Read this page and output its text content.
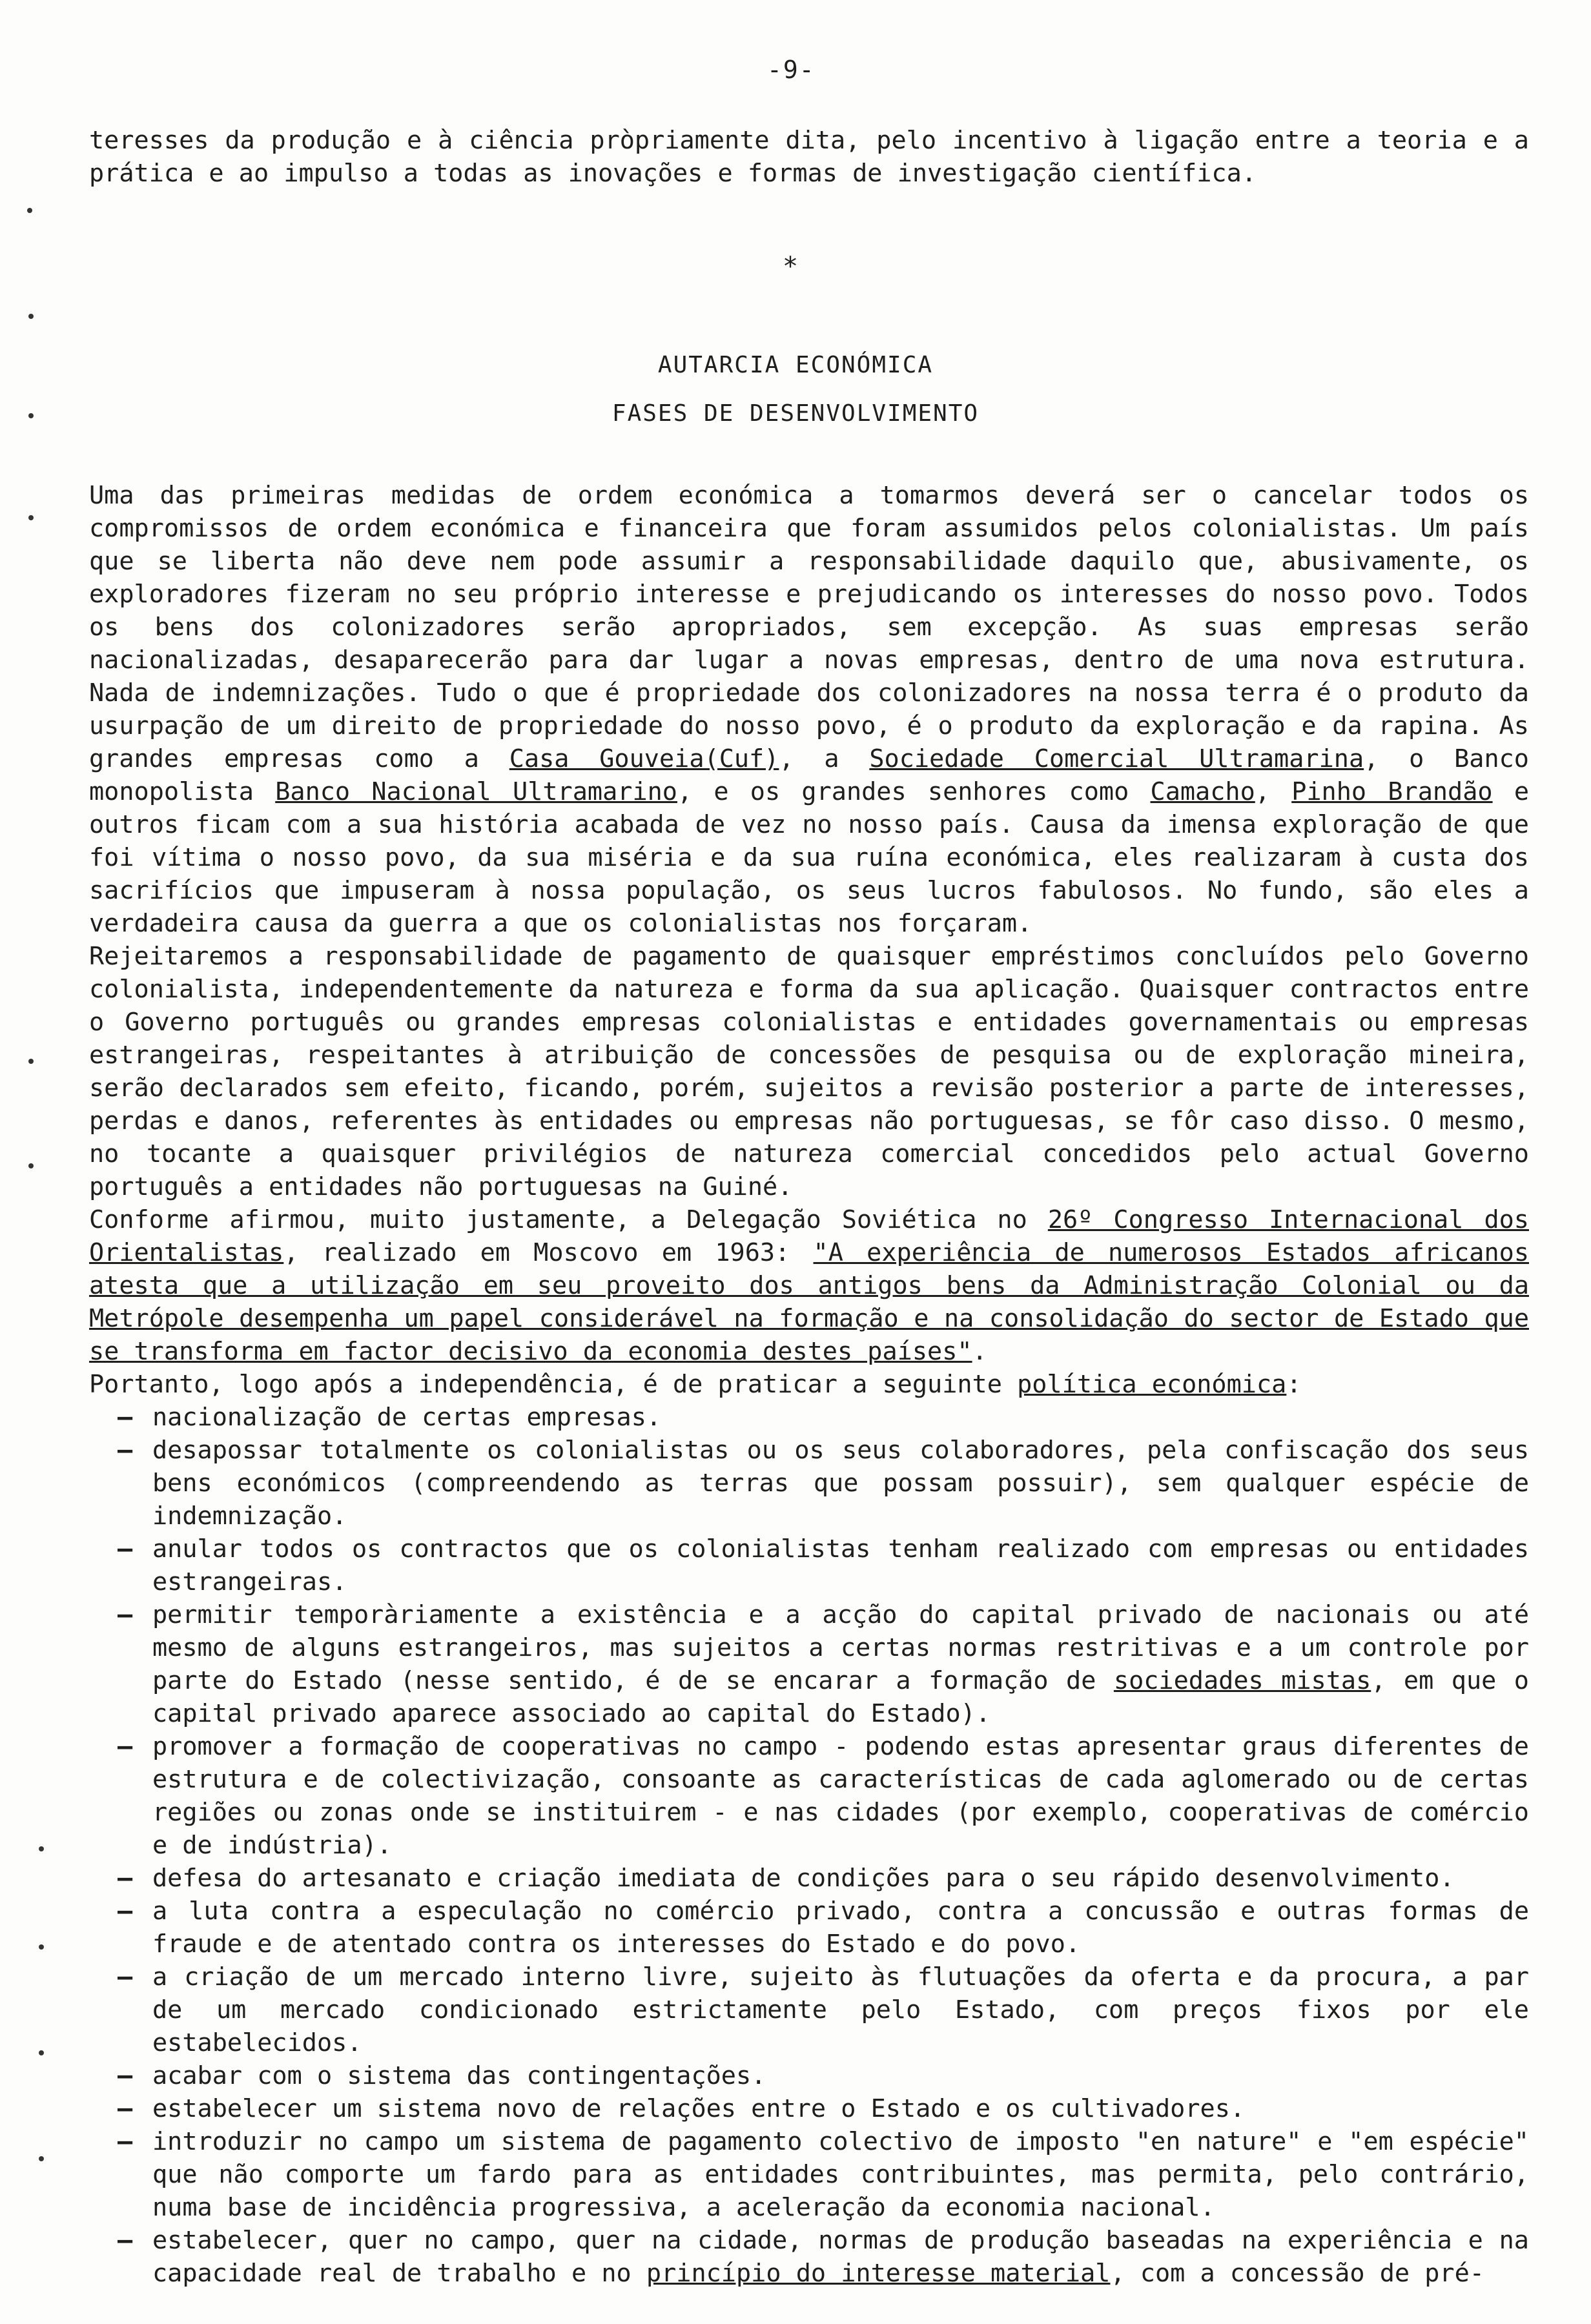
-9-

teresses da produção e à ciência pròpriamente dita, pelo incentivo à ligação entre a teoria e a prática e ao impulso a todas as inovações e formas de investigação científica.

*
AUTARCIA ECONÓMICA
FASES DE DESENVOLVIMENTO

Uma das primeiras medidas de ordem económica a tomarmos deverá ser o cancelar todos os compromissos de ordem económica e financeira que foram assumidos pelos colonialistas. Um país que se liberta não deve nem pode assumir a responsabilidade daquilo que, abusivamente, os exploradores fizeram no seu próprio interesse e prejudicando os interesses do nosso povo. Todos os bens dos colonizadores serão apropriados, sem excepção. As suas empresas serão nacionalizadas, desaparecerão para dar lugar a novas empresas, dentro de uma nova estrutura. Nada de indemnizações. Tudo o que é propriedade dos colonizadores na nossa terra é o produto da usurpação de um direito de propriedade do nosso povo, é o produto da exploração e da rapina. As grandes empresas como a Casa Gouveia(Cuf), a Sociedade Comercial Ultramarina, o Banco monopolista Banco Nacional Ultramarino, e os grandes senhores como Camacho, Pinho Brandão e outros ficam com a sua história acabada de vez no nosso país. Causa da imensa exploração de que foi vítima o nosso povo, da sua miséria e da sua ruína económica, eles realizaram à custa dos sacrifícios que impuseram à nossa população, os seus lucros fabulosos. No fundo, são eles a verdadeira causa da guerra a que os colonialistas nos forçaram.

Rejeitaremos a responsabilidade de pagamento de quaisquer empréstimos concluídos pelo Governo colonialista, independentemente da natureza e forma da sua aplicação. Quaisquer contractos entre o Governo português ou grandes empresas colonialistas e entidades governamentais ou empresas estrangeiras, respeitantes à atribuição de concessões de pesquisa ou de exploração mineira, serão declarados sem efeito, ficando, porém, sujeitos a revisão posterior a parte de interesses, perdas e danos, referentes às entidades ou empresas não portuguesas, se fôr caso disso. O mesmo, no tocante a quaisquer privilégios de natureza comercial concedidos pelo actual Governo português a entidades não portuguesas na Guiné.

Conforme afirmou, muito justamente, a Delegação Soviética no 26º Congresso Internacional dos Orientalistas, realizado em Moscovo em 1963: "A experiência de numerosos Estados africanos atesta que a utilização em seu proveito dos antigos bens da Administração Colonial ou da Metrópole desempenha um papel considerável na formação e na consolidação do sector de Estado que se transforma em factor decisivo da economia destes países".

Portanto, logo após a independência, é de praticar a seguinte política económica:

– nacionalização de certas empresas.
– desapossar totalmente os colonialistas ou os seus colaboradores, pela confiscação dos seus bens económicos (compreendendo as terras que possam possuir), sem qualquer espécie de indemnização.
– anular todos os contractos que os colonialistas tenham realizado com empresas ou entidades estrangeiras.
– permitir temporàriamente a existência e a acção do capital privado de nacionais ou até mesmo de alguns estrangeiros, mas sujeitos a certas normas restritivas e a um controle por parte do Estado (nesse sentido, é de se encarar a formação de sociedades mistas, em que o capital privado aparece associado ao capital do Estado).
– promover a formação de cooperativas no campo - podendo estas apresentar graus diferentes de estrutura e de colectivização, consoante as características de cada aglomerado ou de certas regiões ou zonas onde se instituirem - e nas cidades (por exemplo, cooperativas de comércio e de indústria).
– defesa do artesanato e criação imediata de condições para o seu rápido desenvolvimento.
– a luta contra a especulação no comércio privado, contra a concussão e outras formas de fraude e de atentado contra os interesses do Estado e do povo.
– a criação de um mercado interno livre, sujeito às flutuações da oferta e da procura, a par de um mercado condicionado estrictamente pelo Estado, com preços fixos por ele estabelecidos.
– acabar com o sistema das contingentações.
– estabelecer um sistema novo de relações entre o Estado e os cultivadores.
– introduzir no campo um sistema de pagamento colectivo de imposto "en nature" e "em espécie" que não comporte um fardo para as entidades contribuintes, mas permita, pelo contrário, numa base de incidência progressiva, a aceleração da economia nacional.
– estabelecer, quer no campo, quer na cidade, normas de produção baseadas na experiência e na capacidade real de trabalho e no princípio do interesse material, com a concessão de pré-
